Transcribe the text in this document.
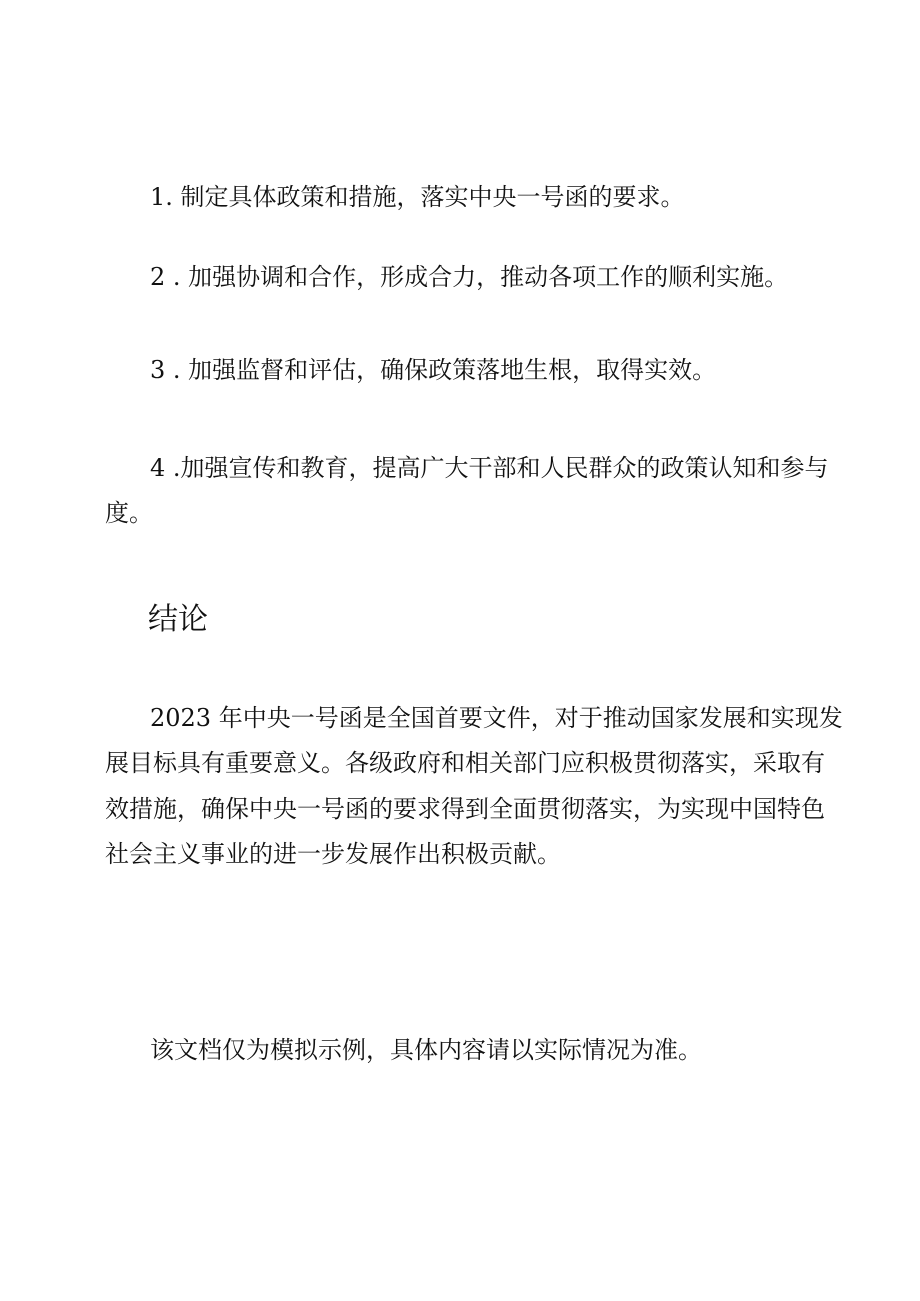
1. 制定具体政策和措施，落实中央一号函的要求。
2 . 加强协调和合作，形成合力，推动各项工作的顺利实施。
3 . 加强监督和评估，确保政策落地生根，取得实效。
4 .加强宣传和教育，提高广大干部和人民群众的政策认知和参与
度。
结论
2023 年中央一号函是全国首要文件，对于推动国家发展和实现发
展目标具有重要意义。各级政府和相关部门应积极贯彻落实，采取有
效措施，确保中央一号函的要求得到全面贯彻落实，为实现中国特色
社会主义事业的进一步发展作出积极贡献。
该文档仅为模拟示例，具体内容请以实际情况为准。
